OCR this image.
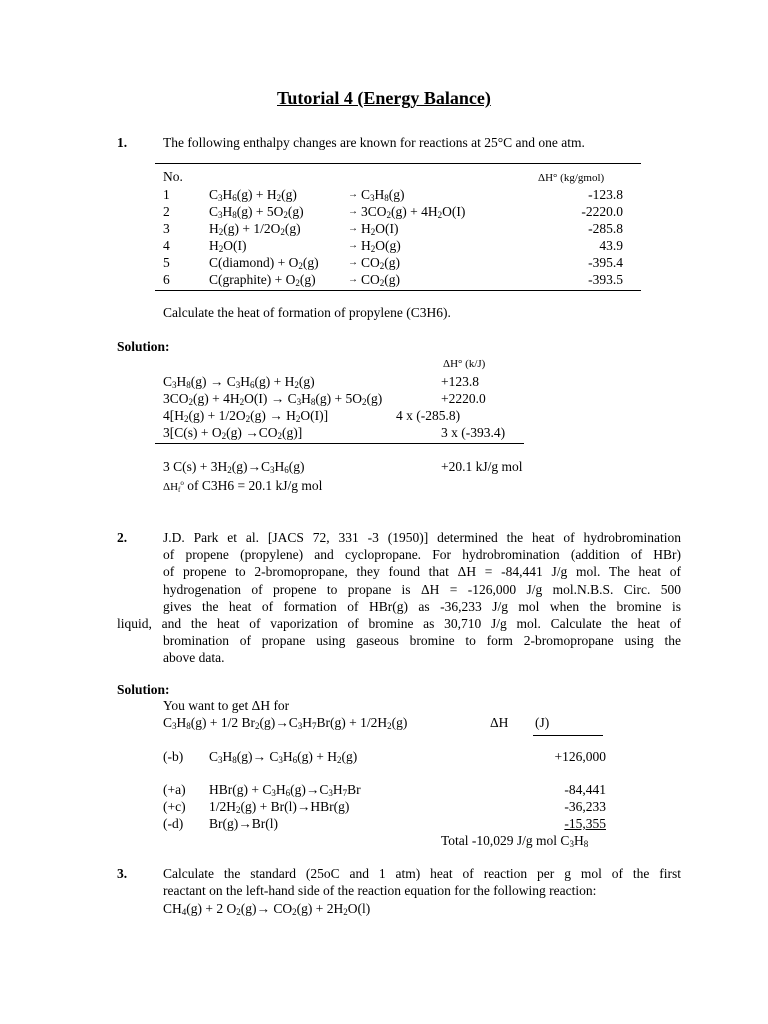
Tutorial 4 (Energy Balance)
1.	The following enthalpy changes are known for reactions at 25°C and one atm.
No.	ΔH° (kg/gmol)
1	$C_3H_6(g) + H_2(g)$	→ $C_3H_8(g)$	-123.8
2	$C_3H_8(g) + 5O_2(g)$	→ $3CO_2(g) + 4H_2O(I)$	-2220.0
3	$H_2(g) + 1/2O_2(g)$	→ $H_2O(I)$	-285.8
4	$H_2O(I)$	→ $H_2O(g)$	43.9
5	C(diamond) + $O_2(g)$	→ $CO_2(g)$	-395.4
6	C(graphite) + $O_2(g)$	→ $CO_2(g)$	-393.5
Calculate the heat of formation of propylene (C3H6).
Solution:
ΔH° (k/J)
$C_3H_8(g) \to C_3H_6(g) + H_2(g)$	+123.8
$3CO_2(g) + 4H_2O(I) \to C_3H_8(g) + 5O_2(g)$	+2220.0
$4[H_2(g) + 1/2O_2(g) \to H_2O(I)]$	4 x (-285.8)
$3[C(s) + O_2(g) \to CO_2(g)]$	3 x (-393.4)
3 $C(s) + 3H_2(g)\to C_3H_6(g)$	+20.1 kJ/g mol
$\Delta H_f^o$ of C3H6 = 20.1 kJ/g mol
2.	J.D. Park et al. [JACS 72, 331 -3 (1950)] determined the heat of hydrobromination
of propene (propylene) and cyclopropane. For hydrobromination (addition of HBr)
of propene to 2-bromopropane, they found that ΔH = -84,441 J/g mol. The heat of
hydrogenation of propene to propane is ΔH = -126,000 J/g mol.N.B.S. Circ. 500
gives the heat of formation of HBr(g) as -36,233 J/g mol when the bromine is
liquid, and the heat of vaporization of bromine as 30,710 J/g mol. Calculate the heat of
bromination of propane using gaseous bromine to form 2-bromopropane using the
above data.
Solution:
You want to get ΔH for
$C_3H_8(g) + 1/2$ $Br_2(g)\to C_3H_7Br(g) + 1/2H_2(g)$	ΔH (J)
(-b) $C_3H_8(g)\to C_3H_6(g) + H_2(g)$	+126,000
(+a) $HBr(g) + C_3H_6(g)\to C_3H_7Br$	-84,441
(+c) $1/2H_2(g) + Br(l)\to HBr(g)$	-36,233
(-d) Br(g)→Br(l)	-15,355
Total -10,029 J/g mol $C_3H_8$
3.	Calculate the standard (25oC and 1 atm) heat of reaction per g mol of the first
reactant on the left-hand side of the reaction equation for the following reaction:
$CH_4(g) + 2$ $O_2(g)\to CO_2(g) + 2H_2O(l)$
